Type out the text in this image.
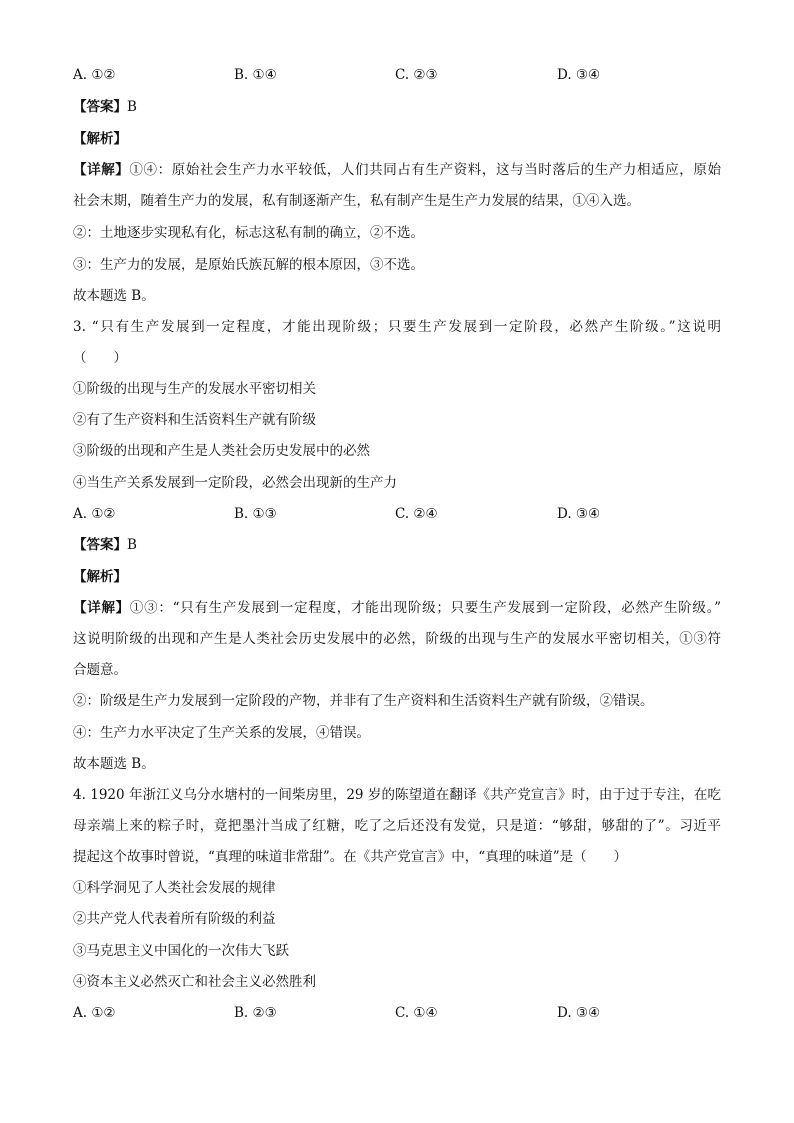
A. ①②	B. ①④	C. ②③	D. ③④
【答案】B
【解析】
【详解】①④：原始社会生产力水平较低，人们共同占有生产资料，这与当时落后的生产力相适应，原始
社会末期，随着生产力的发展，私有制逐渐产生，私有制产生是生产力发展的结果，①④入选。
②：土地逐步实现私有化，标志这私有制的确立，②不选。
③：生产力的发展，是原始氏族瓦解的根本原因，③不选。
故本题选 B。
3. “只有生产发展到一定程度，才能出现阶级；只要生产发展到一定阶段，必然产生阶级。”这说明
（　　）
①阶级的出现与生产的发展水平密切相关
②有了生产资料和生活资料生产就有阶级
③阶级的出现和产生是人类社会历史发展中的必然
④当生产关系发展到一定阶段，必然会出现新的生产力
A. ①②	B. ①③	C. ②④	D. ③④
【答案】B
【解析】
【详解】①③：“只有生产发展到一定程度，才能出现阶级；只要生产发展到一定阶段，必然产生阶级。”
这说明阶级的出现和产生是人类社会历史发展中的必然，阶级的出现与生产的发展水平密切相关，①③符
合题意。
②：阶级是生产力发展到一定阶段的产物，并非有了生产资料和生活资料生产就有阶级，②错误。
④：生产力水平决定了生产关系的发展，④错误。
故本题选 B。
4. 1920 年浙江义乌分水塘村的一间柴房里，29 岁的陈望道在翻译《共产党宣言》时，由于过于专注，在吃
母亲端上来的粽子时，竟把墨汁当成了红糖，吃了之后还没有发觉，只是道：“够甜，够甜的了”。习近平
提起这个故事时曾说，“真理的味道非常甜”。在《共产党宣言》中，“真理的味道”是（　　）
①科学洞见了人类社会发展的规律
②共产党人代表着所有阶级的利益
③马克思主义中国化的一次伟大飞跃
④资本主义必然灭亡和社会主义必然胜利
A. ①②	B. ②③	C. ①④	D. ③④
